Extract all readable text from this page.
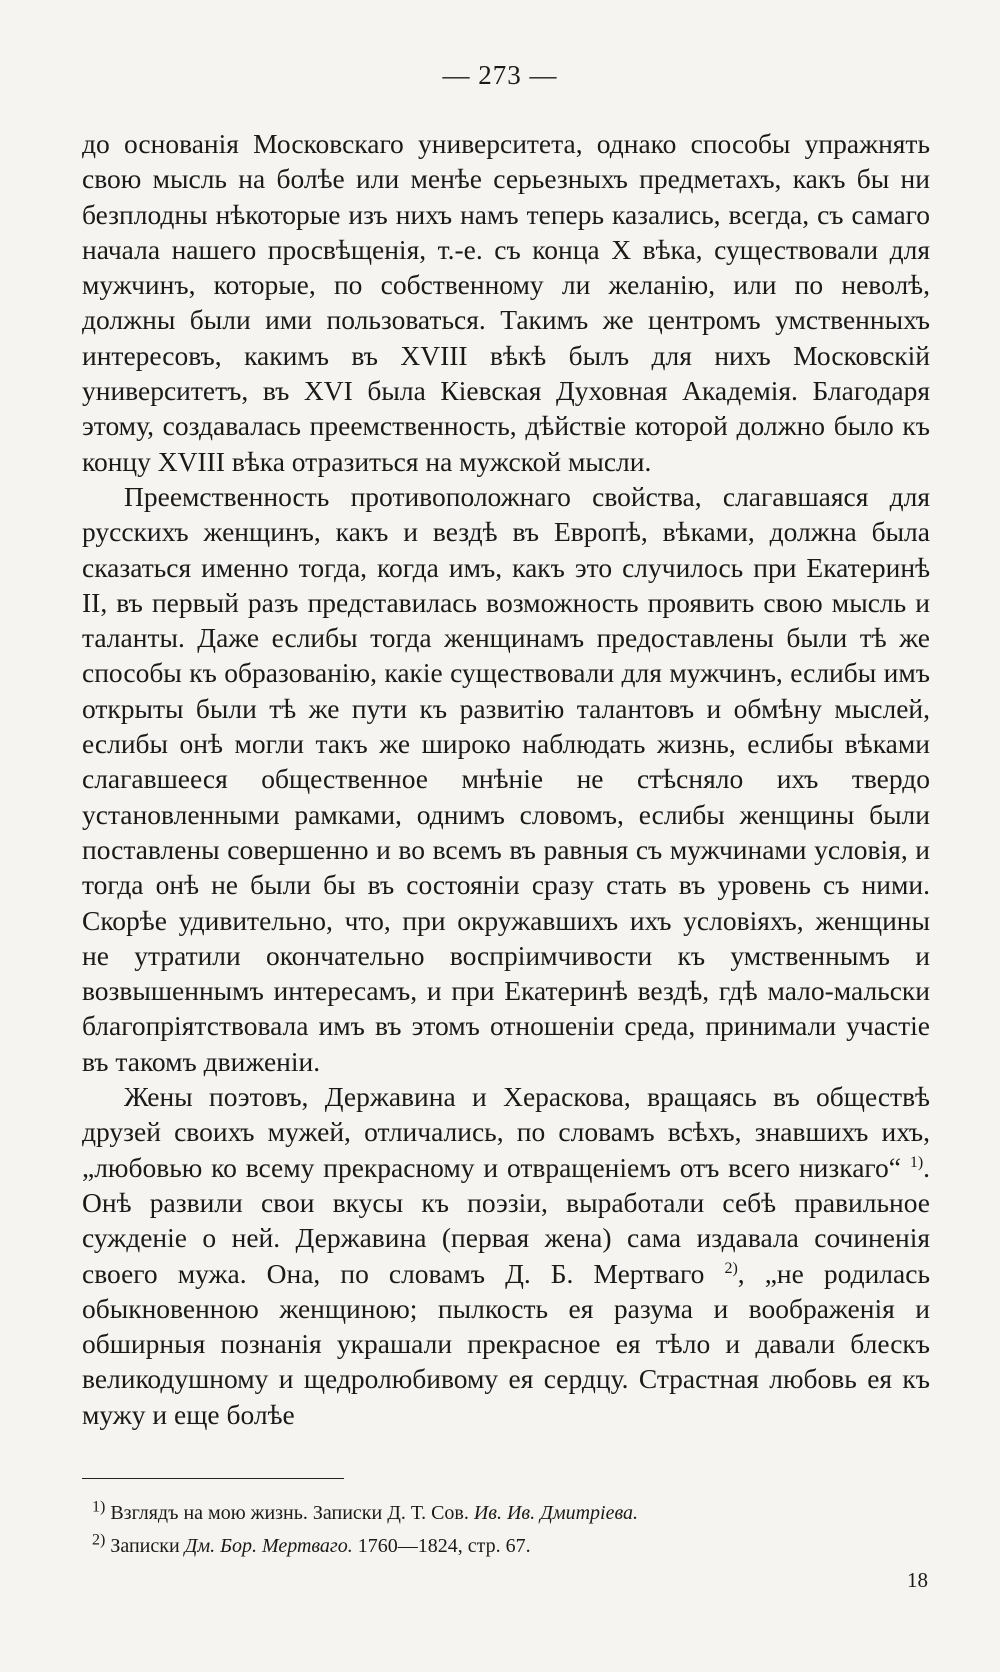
— 273 —

до основанія Московскаго университета, однако способы упражнять свою мысль на болѣе или менѣе серьезныхъ предметахъ, какъ бы ни безплодны нѣкоторые изъ нихъ намъ теперь казались, всегда, съ самаго начала нашего просвѣщенія, т.-е. съ конца X вѣка, существовали для мужчинъ, которые, по собственному ли желанію, или по неволѣ, должны были ими пользоваться. Такимъ же центромъ умственныхъ интересовъ, какимъ въ XVIII вѣкѣ былъ для нихъ Московскій университетъ, въ XVI была Кіевская Духовная Академія. Благодаря этому, создавалась преемственность, дѣйствіе которой должно было къ концу XVIII вѣка отразиться на мужской мысли.

Преемственность противоположнаго свойства, слагавшаяся для русскихъ женщинъ, какъ и вездѣ въ Европѣ, вѣками, должна была сказаться именно тогда, когда имъ, какъ это случилось при Екатеринѣ II, въ первый разъ представилась возможность проявить свою мысль и таланты. Даже еслибы тогда женщинамъ предоставлены были тѣ же способы къ образованію, какіе существовали для мужчинъ, еслибы имъ открыты были тѣ же пути къ развитію талантовъ и обмѣну мыслей, еслибы онѣ могли такъ же широко наблюдать жизнь, еслибы вѣками слагавшееся общественное мнѣніе не стѣсняло ихъ твердо установленными рамками, однимъ словомъ, еслибы женщины были поставлены совершенно и во всемъ въ равныя съ мужчинами условія, и тогда онѣ не были бы въ состояніи сразу стать въ уровень съ ними. Скорѣе удивительно, что, при окружавшихъ ихъ условіяхъ, женщины не утратили окончательно воспріимчивости къ умственнымъ и возвышеннымъ интересамъ, и при Екатеринѣ вездѣ, гдѣ мало-мальски благопріятствовала имъ въ этомъ отношеніи среда, принимали участіе въ такомъ движеніи.

Жены поэтовъ, Державина и Хераскова, вращаясь въ обществѣ друзей своихъ мужей, отличались, по словамъ всѣхъ, знавшихъ ихъ, „любовью ко всему прекрасному и отвращеніемъ отъ всего низкаго“ $^{1)}$. Онѣ развили свои вкусы къ поэзіи, выработали себѣ правильное сужденіе о ней. Державина (первая жена) сама издавала сочиненія своего мужа. Она, по словамъ Д. Б. Мертваго $^{2)}$, „не родилась обыкновенною женщиною; пылкость ея разума и воображенія и обширныя познанія украшали прекрасное ея тѣло и давали блескъ великодушному и щедролюбивому ея сердцу. Страстная любовь ея къ мужу и еще болѣе

$^{1)}$ Взглядъ на мою жизнь. Записки Д. Т. Сов. Ив. Ив. Дмитріева.
$^{2)}$ Записки Дм. Бор. Мертваго. 1760—1824, стр. 67.
18
